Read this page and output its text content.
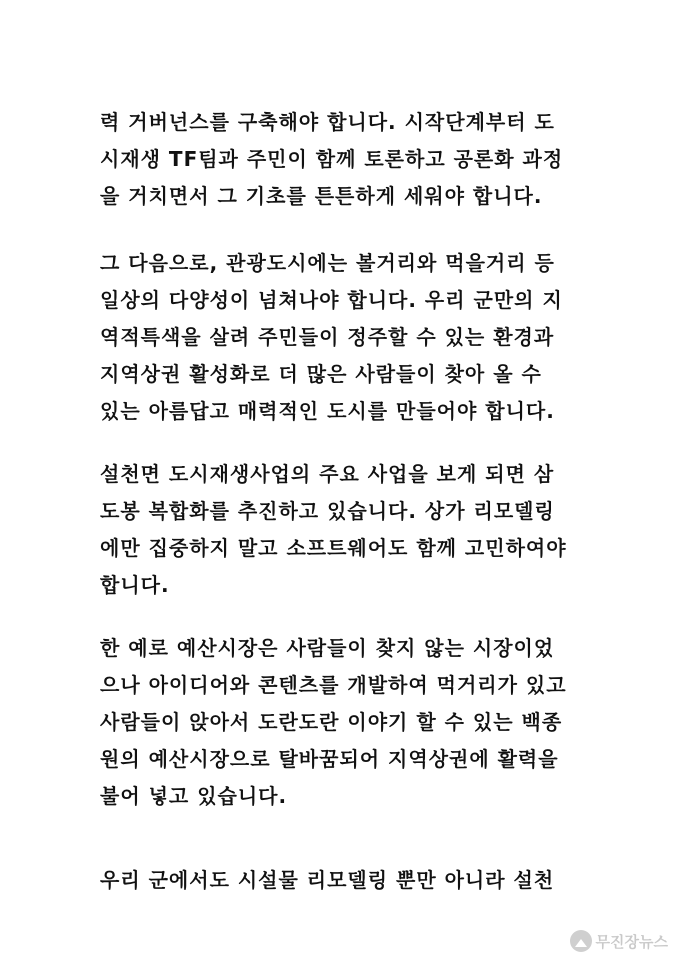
력 거버넌스를 구축해야 합니다. 시작단계부터 도
시재생 TF팀과 주민이 함께 토론하고 공론화 과정
을 거치면서 그 기초를 튼튼하게 세워야 합니다.
그 다음으로, 관광도시에는 볼거리와 먹을거리 등
일상의 다양성이 넘쳐나야 합니다. 우리 군만의 지
역적특색을 살려 주민들이 정주할 수 있는 환경과
지역상권 활성화로 더 많은 사람들이 찾아 올 수
있는 아름답고 매력적인 도시를 만들어야 합니다.
설천면 도시재생사업의 주요 사업을 보게 되면 삼
도봉 복합화를 추진하고 있습니다. 상가 리모델링
에만 집중하지 말고 소프트웨어도 함께 고민하여야
합니다.
한 예로 예산시장은 사람들이 찾지 않는 시장이었
으나 아이디어와 콘텐츠를 개발하여 먹거리가 있고
사람들이 앉아서 도란도란 이야기 할 수 있는 백종
원의 예산시장으로 탈바꿈되어 지역상권에 활력을
불어 넣고 있습니다.
우리 군에서도 시설물 리모델링 뿐만 아니라 설천
무진장뉴스
